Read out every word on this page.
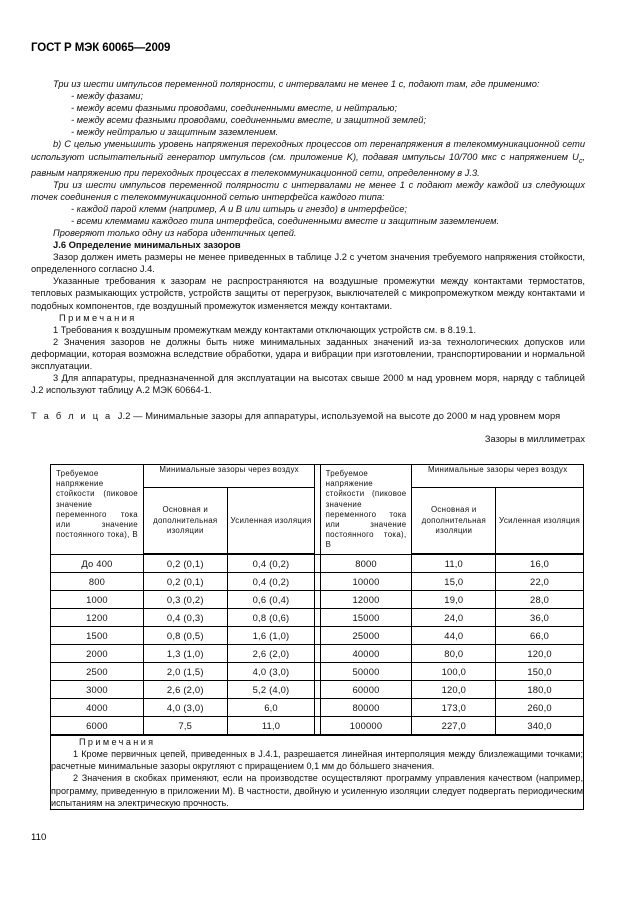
ГОСТ Р МЭК 60065—2009

Три из шести импульсов переменной полярности, с интервалами не менее 1 с, подают там, где применимо:

- между фазами;

- между всеми фазными проводами, соединенными вместе, и нейтралью;

- между всеми фазными проводами, соединенными вместе, и защитной землей;

- между нейтралью и защитным заземлением.

b) С целью уменьшить уровень напряжения переходных процессов от перенапряжения в телекоммуникационной сети используют испытательный генератор импульсов (см. приложение K), подавая импульсы 10/700 мкс с напряжением $U_c$, равным напряжению при переходных процессах в телекоммуникационной сети, определенному в J.3.

Три из шести импульсов переменной полярности с интервалами не менее 1 с подают между каждой из следующих точек соединения с телекоммуникационной сетью интерфейса каждого типа:

- каждой парой клемм (например, A и B или штырь и гнездо) в интерфейсе;

- всеми клеммами каждого типа интерфейса, соединенными вместе и защитным заземлением.

Проверяют только одну из набора идентичных цепей.

J.6 Определение минимальных зазоров

Зазор должен иметь размеры не менее приведенных в таблице J.2 с учетом значения требуемого напряжения стойкости, определенного согласно J.4.

Указанные требования к зазорам не распространяются на воздушные промежутки между контактами термостатов, тепловых размыкающих устройств, устройств защиты от перегрузок, выключателей с микропромежутком между контактами и подобных компонентов, где воздушный промежуток изменяется между контактами.

Примечания

1 Требования к воздушным промежуткам между контактами отключающих устройств см. в 8.19.1.

2 Значения зазоров не должны быть ниже минимальных заданных значений из-за технологических допусков или деформации, которая возможна вследствие обработки, удара и вибрации при изготовлении, транспортировании и нормальной эксплуатации.

3 Для аппаратуры, предназначенной для эксплуатации на высотах свыше 2000 м над уровнем моря, наряду с таблицей J.2 используют таблицу A.2 МЭК 60664-1.

Т а б л и ц а J.2 — Минимальные зазоры для аппаратуры, используемой на высоте до 2000 м над уровнем моря

Зазоры в миллиметрах

Требуемое напряжение стойкости (пиковое значение переменного тока или значение постоянного тока), В	Минимальные зазоры через воздух			Требуемое напряжение стойкости (пиковое значение переменного тока или значение постоянного тока), В	Минимальные зазоры через воздух	
	Основная и дополнительная изоляции	Усиленная изоляция			Основная и дополнительная изоляции	Усиленная изоляция
До 400	0,2 (0,1)	0,4 (0,2)		8000	11,0	16,0
800	0,2 (0,1)	0,4 (0,2)		10000	15,0	22,0
1000	0,3 (0,2)	0,6 (0,4)		12000	19,0	28,0
1200	0,4 (0,3)	0,8 (0,6)		15000	24,0	36,0
1500	0,8 (0,5)	1,6 (1,0)		25000	44,0	66,0
2000	1,3 (1,0)	2,6 (2,0)		40000	80,0	120,0
2500	2,0 (1,5)	4,0 (3,0)		50000	100,0	150,0
3000	2,6 (2,0)	5,2 (4,0)		60000	120,0	180,0
4000	4,0 (3,0)	6,0		80000	173,0	260,0
6000	7,5	11,0		100000	227,0	340,0

Примечания

1 Кроме первичных цепей, приведенных в J.4.1, разрешается линейная интерполяция между близлежащими точками; расчетные минимальные зазоры округляют с приращением 0,1 мм до бóльшего значения.

2 Значения в скобках применяют, если на производстве осуществляют программу управления качеством (например, программу, приведенную в приложении M). В частности, двойную и усиленную изоляции следует подвергать периодическим испытаниям на электрическую прочность.						

110
